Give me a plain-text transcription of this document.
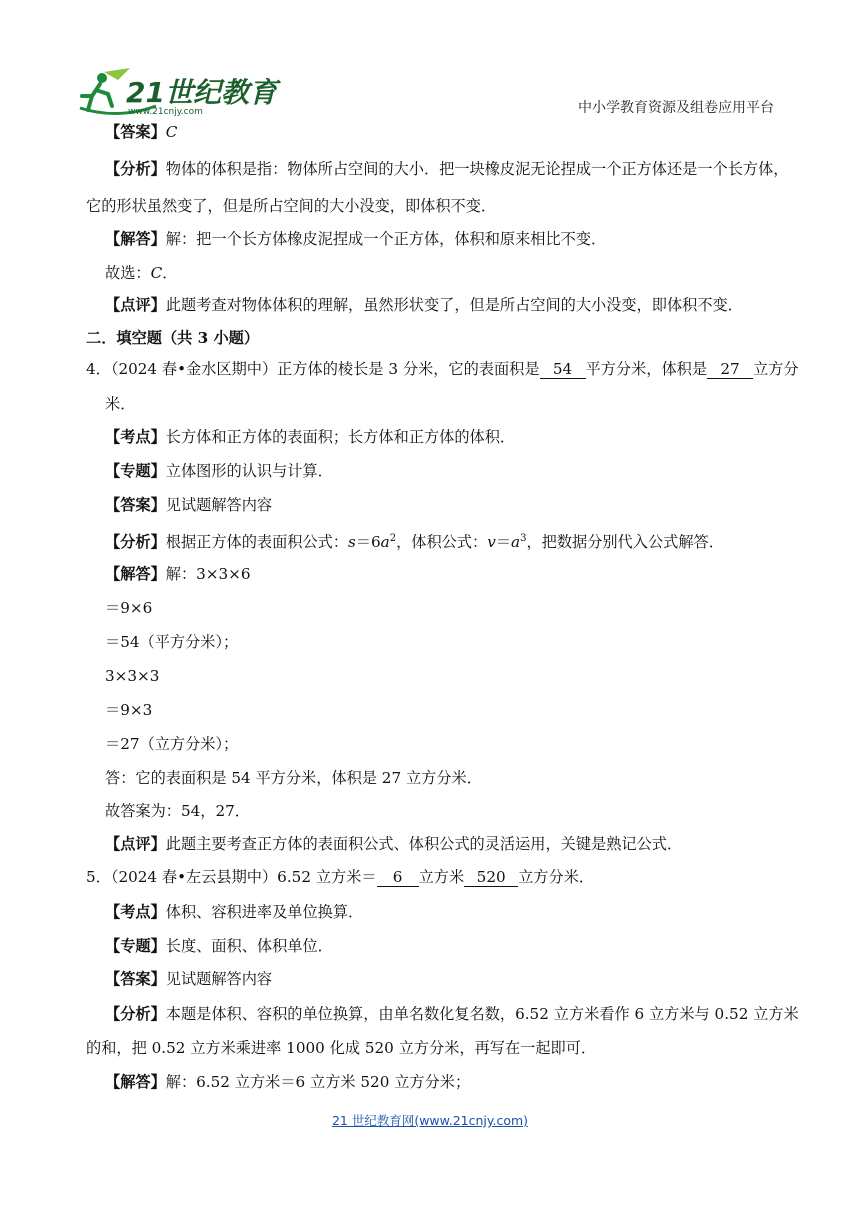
21世纪教育
www.21cnjy.com	中小学教育资源及组卷应用平台
【答案】C
【分析】物体的体积是指：物体所占空间的大小．把一块橡皮泥无论捏成一个正方体还是一个长方体，
它的形状虽然变了，但是所占空间的大小没变，即体积不变．
【解答】解：把一个长方体橡皮泥捏成一个正方体，体积和原来相比不变．
故选：C．
【点评】此题考查对物体体积的理解，虽然形状变了，但是所占空间的大小没变，即体积不变．
二．填空题（共 3 小题）
4．（2024 春•金水区期中）正方体的棱长是 3 分米，它的表面积是 54 平方分米，体积是 27 立方分
米．
【考点】长方体和正方体的表面积；长方体和正方体的体积．
【专题】立体图形的认识与计算．
【答案】见试题解答内容
【分析】根据正方体的表面积公式：$s=6a^2$，体积公式：$v=a^3$，把数据分别代入公式解答．
【解答】解：3×3×6
＝9×6
＝54（平方分米）；
3×3×3
＝9×3
＝27（立方分米）；
答：它的表面积是 54 平方分米，体积是 27 立方分米．
故答案为：54，27．
【点评】此题主要考查正方体的表面积公式、体积公式的灵活运用，关键是熟记公式．
5．（2024 春•左云县期中）6.52 立方米＝ 6 立方米 520 立方分米．
【考点】体积、容积进率及单位换算．
【专题】长度、面积、体积单位．
【答案】见试题解答内容
【分析】本题是体积、容积的单位换算，由单名数化复名数，6.52 立方米看作 6 立方米与 0.52 立方米
的和，把 0.52 立方米乘进率 1000 化成 520 立方分米，再写在一起即可．
【解答】解：6.52 立方米＝6 立方米 520 立方分米；
21 世纪教育网(www.21cnjy.com)
